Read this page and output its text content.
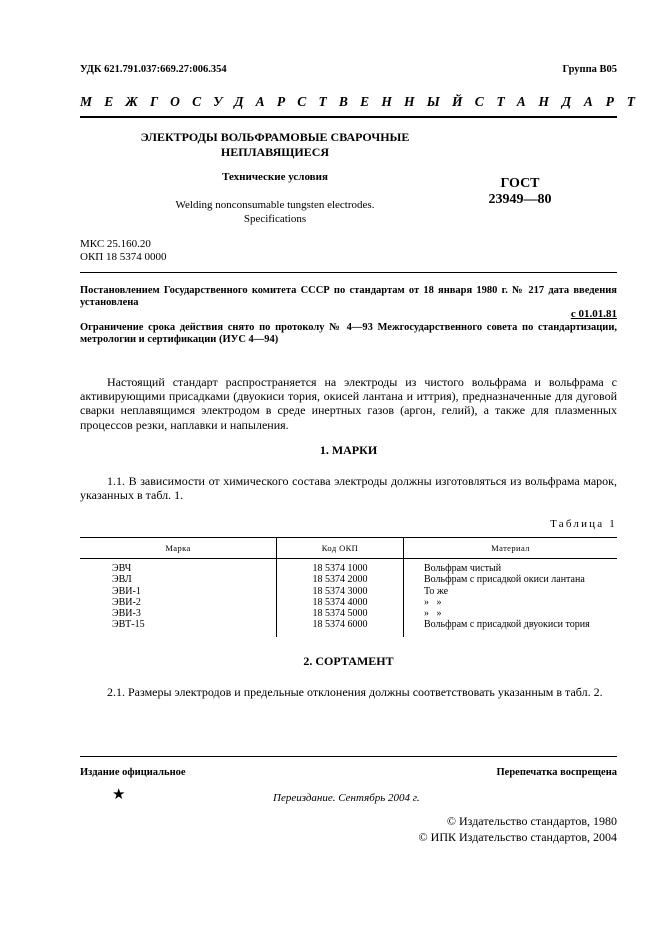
УДК 621.791.037:669.27:006.354	Группа В05
МЕЖГОСУДАРСТВЕННЫЙ СТАНДАРТ
ЭЛЕКТРОДЫ ВОЛЬФРАМОВЫЕ СВАРОЧНЫЕ
НЕПЛАВЯЩИЕСЯ
Технические условия
Welding nonconsumable tungsten electrodes.
Specifications
ГОСТ
23949—80
МКС 25.160.20
ОКП 18 5374 0000
Постановлением Государственного комитета СССР по стандартам от 18 января 1980 г. № 217 дата введения установлена
с 01.01.81
Ограничение срока действия снято по протоколу № 4—93 Межгосударственного совета по стандартизации, метрологии и сертификации (ИУС 4—94)
Настоящий стандарт распространяется на электроды из чистого вольфрама и вольфрама с активирующими присадками (двуокиси тория, окисей лантана и иттрия), предназначенные для дуговой сварки неплавящимся электродом в среде инертных газов (аргон, гелий), а также для плазменных процессов резки, наплавки и напыления.
1. МАРКИ
1.1. В зависимости от химического состава электроды должны изготовляться из вольфрама марок, указанных в табл. 1.
Таблица 1
Марка	Код ОКП	Материал
ЭВЧ	18 5374 1000	Вольфрам чистый
ЭВЛ	18 5374 2000	Вольфрам с присадкой окиси лантана
ЭВИ-1	18 5374 3000	То же
ЭВИ-2	18 5374 4000	»   »
ЭВИ-3	18 5374 5000	»   »
ЭВТ-15	18 5374 6000	Вольфрам с присадкой двуокиси тория
2. СОРТАМЕНТ
2.1. Размеры электродов и предельные отклонения должны соответствовать указанным в табл. 2.
Издание официальное	Перепечатка воспрещена
★	Переиздание. Сентябрь 2004 г.
© Издательство стандартов, 1980
© ИПК Издательство стандартов, 2004
